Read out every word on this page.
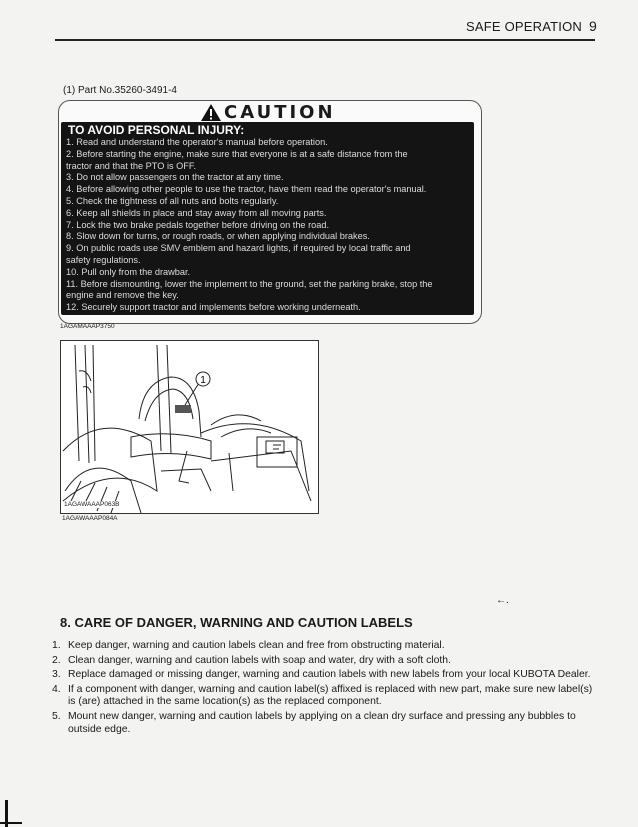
SAFE OPERATION 9
(1) Part No.35260-3491-4
CAUTION
TO AVOID PERSONAL INJURY:
1. Read and understand the operator's manual before operation.
2. Before starting the engine, make sure that everyone is at a safe distance from the
tractor and that the PTO is OFF.
3. Do not allow passengers on the tractor at any time.
4. Before allowing other people to use the tractor, have them read the operator's manual.
5. Check the tightness of all nuts and bolts regularly.
6. Keep all shields in place and stay away from all moving parts.
7. Lock the two brake pedals together before driving on the road.
8. Slow down for turns, or rough roads, or when applying individual brakes.
9. On public roads use SMV emblem and hazard lights, if required by local traffic and
safety regulations.
10. Pull only from the drawbar.
11. Before dismounting, lower the implement to the ground, set the parking brake, stop the
engine and remove the key.
12. Securely support tractor and implements before working underneath.
1AGAMAAAP3750
1
1AGAWAAAP063B
1AGAWAAAP084A
←.
8. CARE OF DANGER, WARNING AND CAUTION LABELS
1. Keep danger, warning and caution labels clean and free from obstructing material.
2. Clean danger, warning and caution labels with soap and water, dry with a soft cloth.
3. Replace damaged or missing danger, warning and caution labels with new labels from your local KUBOTA Dealer.
4. If a component with danger, warning and caution label(s) affixed is replaced with new part, make sure new label(s) is (are) attached in the same location(s) as the replaced component.
5. Mount new danger, warning and caution labels by applying on a clean dry surface and pressing any bubbles to outside edge.
